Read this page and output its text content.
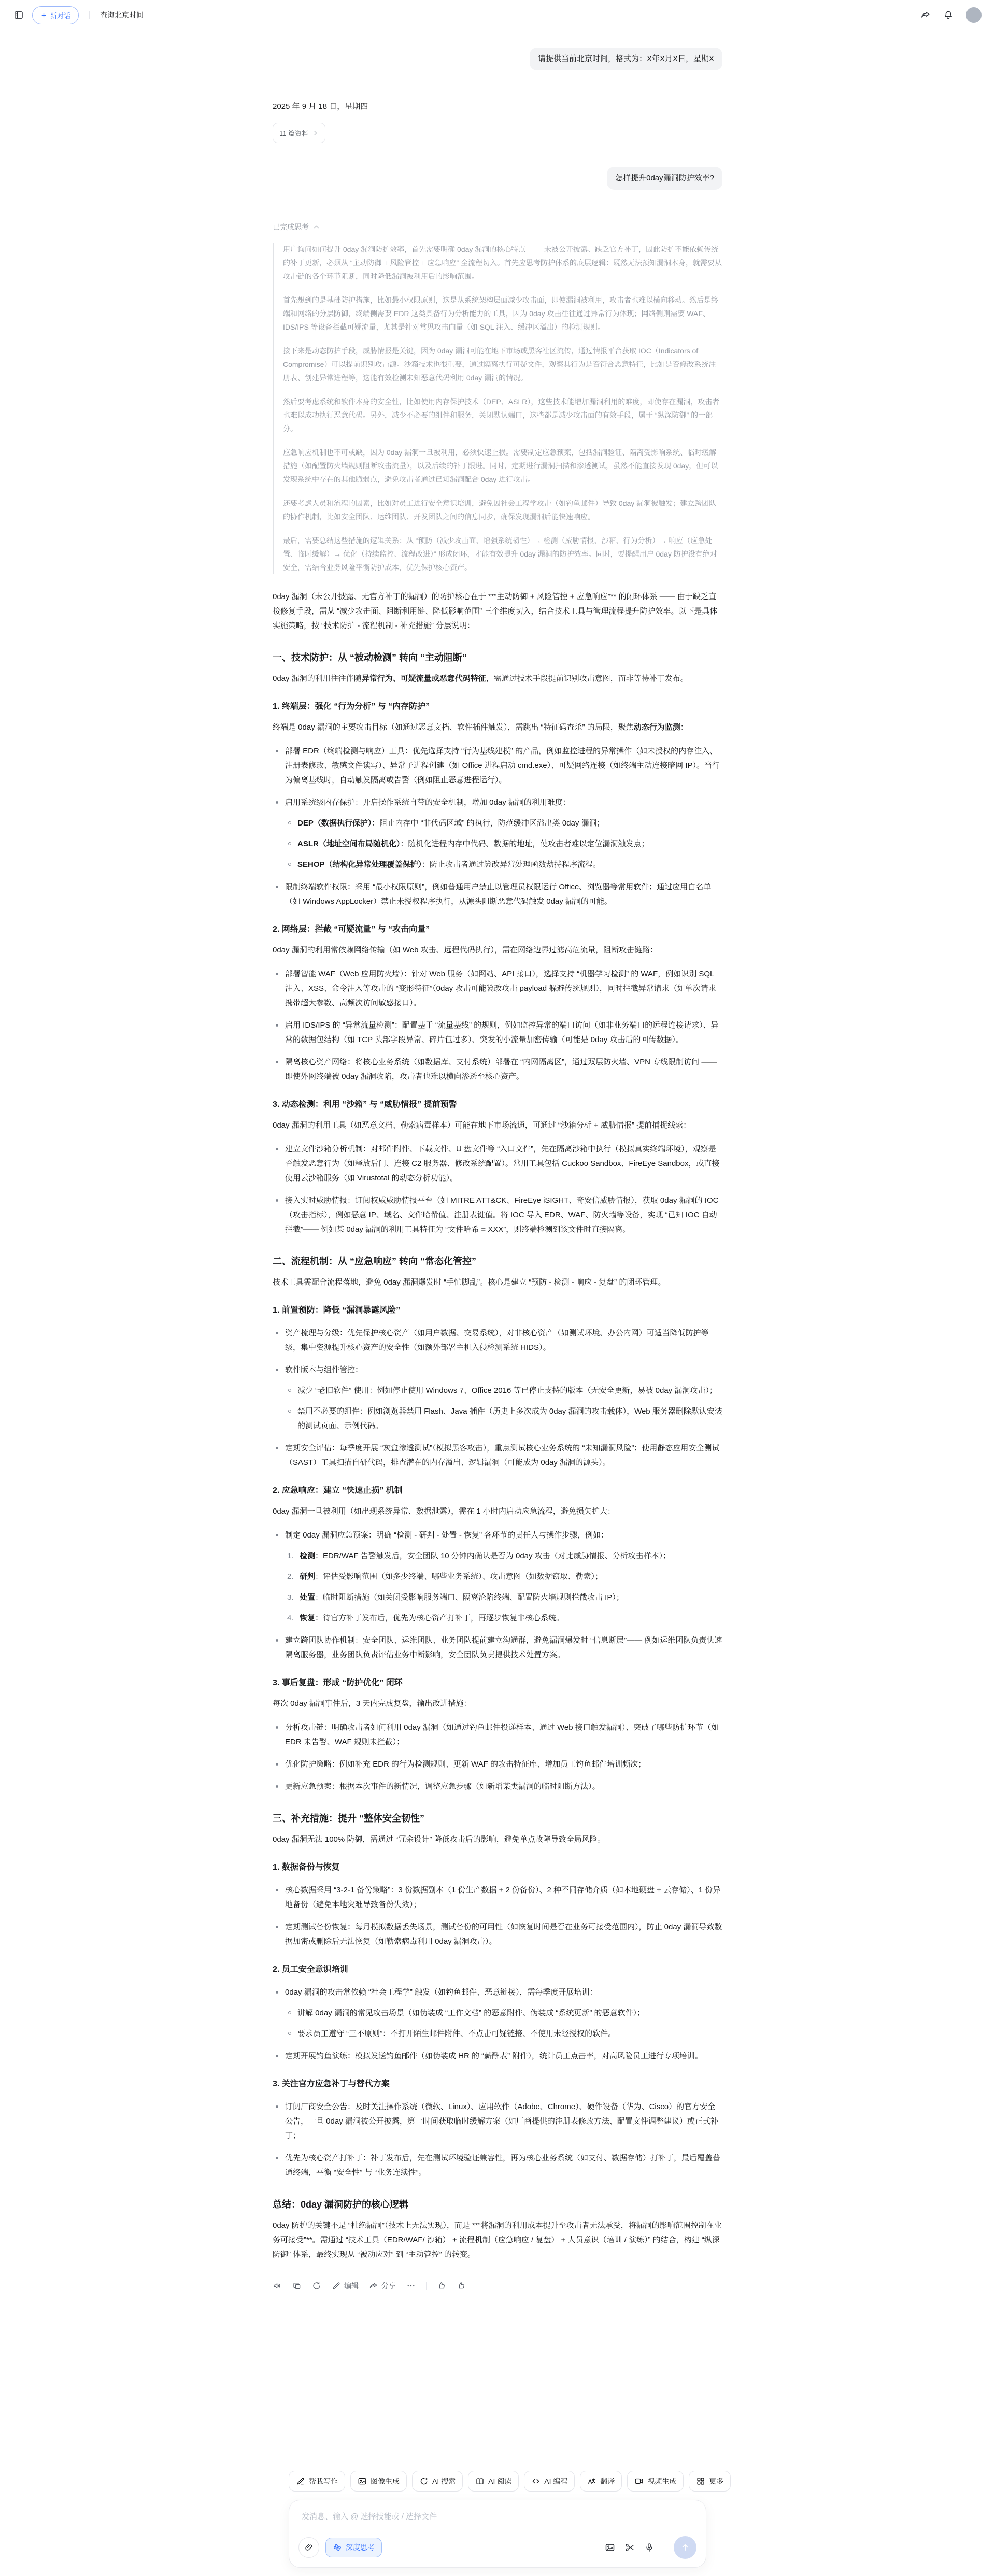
新对话	查询北京时间
请提供当前北京时间，格式为：X年X月X日，星期X
2025 年 9 月 18 日，星期四
11 篇资料
怎样提升0day漏洞防护效率?
已完成思考

用户询问如何提升 0day 漏洞防护效率，首先需要明确 0day 漏洞的核心特点 —— 未被公开披露、缺乏官方补丁，因此防护不能依赖传统的补丁更新，必须从 “主动防御 + 风险管控 + 应急响应” 全流程切入。首先应思考防护体系的底层逻辑：既然无法预知漏洞本身，就需要从攻击链的各个环节阻断，同时降低漏洞被利用后的影响范围。

首先想到的是基础防护措施，比如最小权限原则，这是从系统架构层面减少攻击面，即使漏洞被利用，攻击者也难以横向移动。然后是终端和网络的分层防御，终端侧需要 EDR 这类具备行为分析能力的工具，因为 0day 攻击往往通过异常行为体现；网络侧则需要 WAF、IDS/IPS 等设备拦截可疑流量，尤其是针对常见攻击向量（如 SQL 注入、缓冲区溢出）的检测规则。

接下来是动态防护手段，威胁情报是关键，因为 0day 漏洞可能在地下市场或黑客社区流传，通过情报平台获取 IOC（Indicators of Compromise）可以提前识别攻击源。沙箱技术也很重要，通过隔离执行可疑文件，观察其行为是否符合恶意特征，比如是否修改系统注册表、创建异常进程等，这能有效检测未知恶意代码利用 0day 漏洞的情况。

然后要考虑系统和软件本身的安全性，比如使用内存保护技术（DEP、ASLR），这些技术能增加漏洞利用的难度，即使存在漏洞，攻击者也难以成功执行恶意代码。另外，减少不必要的组件和服务，关闭默认端口，这些都是减少攻击面的有效手段，属于 “纵深防御” 的一部分。

应急响应机制也不可或缺，因为 0day 漏洞一旦被利用，必须快速止损。需要制定应急预案，包括漏洞验证、隔离受影响系统、临时缓解措施（如配置防火墙规则阻断攻击流量），以及后续的补丁跟进。同时，定期进行漏洞扫描和渗透测试，虽然不能直接发现 0day，但可以发现系统中存在的其他脆弱点，避免攻击者通过已知漏洞配合 0day 进行攻击。

还要考虑人员和流程的因素，比如对员工进行安全意识培训，避免因社会工程学攻击（如钓鱼邮件）导致 0day 漏洞被触发；建立跨团队的协作机制，比如安全团队、运维团队、开发团队之间的信息同步，确保发现漏洞后能快速响应。

最后，需要总结这些措施的逻辑关系：从 “预防（减少攻击面、增强系统韧性）→ 检测（威胁情报、沙箱、行为分析）→ 响应（应急处置、临时缓解）→ 优化（持续监控、流程改进）” 形成闭环，才能有效提升 0day 漏洞的防护效率。同时，要提醒用户 0day 防护没有绝对安全，需结合业务风险平衡防护成本，优先保护核心资产。

0day 漏洞（未公开披露、无官方补丁的漏洞）的防护核心在于 **“主动防御 + 风险管控 + 应急响应”** 的闭环体系 —— 由于缺乏直接修复手段，需从 “减少攻击面、阻断利用链、降低影响范围” 三个维度切入，结合技术工具与管理流程提升防护效率。以下是具体实施策略，按 “技术防护 - 流程机制 - 补充措施” 分层说明：

一、技术防护：从 “被动检测” 转向 “主动阻断”

0day 漏洞的利用往往伴随异常行为、可疑流量或恶意代码特征，需通过技术手段提前识别攻击意图，而非等待补丁发布。

1. 终端层：强化 “行为分析” 与 “内存防护”

终端是 0day 漏洞的主要攻击目标（如通过恶意文档、软件插件触发），需跳出 “特征码查杀” 的局限，聚焦动态行为监测：

部署 EDR（终端检测与响应）工具：优先选择支持 “行为基线建模” 的产品，例如监控进程的异常操作（如未授权的内存注入、注册表修改、敏感文件读写）、异常子进程创建（如 Office 进程启动 cmd.exe）、可疑网络连接（如终端主动连接暗网 IP）。当行为偏离基线时，自动触发隔离或告警（例如阻止恶意进程运行）。
启用系统级内存保护：开启操作系统自带的安全机制，增加 0day 漏洞的利用难度：
DEP（数据执行保护）：阻止内存中 “非代码区域” 的执行，防范缓冲区溢出类 0day 漏洞；
ASLR（地址空间布局随机化）：随机化进程内存中代码、数据的地址，使攻击者难以定位漏洞触发点；
SEHOP（结构化异常处理覆盖保护）：防止攻击者通过篡改异常处理函数劫持程序流程。
限制终端软件权限：采用 “最小权限原则”，例如普通用户禁止以管理员权限运行 Office、浏览器等常用软件；通过应用白名单（如 Windows AppLocker）禁止未授权程序执行，从源头阻断恶意代码触发 0day 漏洞的可能。
2. 网络层：拦截 “可疑流量” 与 “攻击向量”

0day 漏洞的利用常依赖网络传输（如 Web 攻击、远程代码执行），需在网络边界过滤高危流量，阻断攻击链路：

部署智能 WAF（Web 应用防火墙）：针对 Web 服务（如网站、API 接口），选择支持 “机器学习检测” 的 WAF，例如识别 SQL 注入、XSS、命令注入等攻击的 “变形特征”（0day 攻击可能篡改攻击 payload 躲避传统规则），同时拦截异常请求（如单次请求携带超大参数、高频次访问敏感接口）。
启用 IDS/IPS 的 “异常流量检测”：配置基于 “流量基线” 的规则，例如监控异常的端口访问（如非业务端口的远程连接请求）、异常的数据包结构（如 TCP 头部字段异常、碎片包过多）、突发的小流量加密传输（可能是 0day 攻击后的回传数据）。
隔离核心资产网络：将核心业务系统（如数据库、支付系统）部署在 “内网隔离区”，通过双层防火墙、VPN 专线限制访问 —— 即使外网终端被 0day 漏洞攻陷，攻击者也难以横向渗透至核心资产。
3. 动态检测：利用 “沙箱” 与 “威胁情报” 提前预警

0day 漏洞的利用工具（如恶意文档、勒索病毒样本）可能在地下市场流通，可通过 “沙箱分析 + 威胁情报” 提前捕捉线索：

建立文件沙箱分析机制：对邮件附件、下载文件、U 盘文件等 “入口文件”，先在隔离沙箱中执行（模拟真实终端环境），观察是否触发恶意行为（如释放后门、连接 C2 服务器、修改系统配置）。常用工具包括 Cuckoo Sandbox、FireEye Sandbox，或直接使用云沙箱服务（如 Virustotal 的动态分析功能）。
接入实时威胁情报：订阅权威威胁情报平台（如 MITRE ATT&CK、FireEye iSIGHT、奇安信威胁情报），获取 0day 漏洞的 IOC（攻击指标），例如恶意 IP、域名、文件哈希值、注册表键值。将 IOC 导入 EDR、WAF、防火墙等设备，实现 “已知 IOC 自动拦截”—— 例如某 0day 漏洞的利用工具特征为 “文件哈希 = XXX”，则终端检测到该文件时直接隔离。
二、流程机制：从 “应急响应” 转向 “常态化管控”

技术工具需配合流程落地，避免 0day 漏洞爆发时 “手忙脚乱”。核心是建立 “预防 - 检测 - 响应 - 复盘” 的闭环管理。

1. 前置预防：降低 “漏洞暴露风险”
资产梳理与分级：优先保护核心资产（如用户数据、交易系统），对非核心资产（如测试环境、办公内网）可适当降低防护等级，集中资源提升核心资产的安全性（如额外部署主机入侵检测系统 HIDS）。
软件版本与组件管控：
减少 “老旧软件” 使用：例如停止使用 Windows 7、Office 2016 等已停止支持的版本（无安全更新，易被 0day 漏洞攻击）；
禁用不必要的组件：例如浏览器禁用 Flash、Java 插件（历史上多次成为 0day 漏洞的攻击载体），Web 服务器删除默认安装的测试页面、示例代码。
定期安全评估：每季度开展 “灰盒渗透测试”（模拟黑客攻击），重点测试核心业务系统的 “未知漏洞风险”；使用静态应用安全测试（SAST）工具扫描自研代码，排查潜在的内存溢出、逻辑漏洞（可能成为 0day 漏洞的源头）。
2. 应急响应：建立 “快速止损” 机制

0day 漏洞一旦被利用（如出现系统异常、数据泄露），需在 1 小时内启动应急流程，避免损失扩大：

制定 0day 漏洞应急预案：明确 “检测 - 研判 - 处置 - 恢复” 各环节的责任人与操作步骤，例如：
检测：EDR/WAF 告警触发后，安全团队 10 分钟内确认是否为 0day 攻击（对比威胁情报、分析攻击样本）；
研判：评估受影响范围（如多少终端、哪些业务系统）、攻击意图（如数据窃取、勒索）；
处置：临时阻断措施（如关闭受影响服务端口、隔离沦陷终端、配置防火墙规则拦截攻击 IP）；
恢复：待官方补丁发布后，优先为核心资产打补丁，再逐步恢复非核心系统。
建立跨团队协作机制：安全团队、运维团队、业务团队提前建立沟通群，避免漏洞爆发时 “信息断层”—— 例如运维团队负责快速隔离服务器，业务团队负责评估业务中断影响，安全团队负责提供技术处置方案。
3. 事后复盘：形成 “防护优化” 闭环

每次 0day 漏洞事件后，3 天内完成复盘，输出改进措施：

分析攻击链：明确攻击者如何利用 0day 漏洞（如通过钓鱼邮件投递样本、通过 Web 接口触发漏洞）、突破了哪些防护环节（如 EDR 未告警、WAF 规则未拦截）；
优化防护策略：例如补充 EDR 的行为检测规则、更新 WAF 的攻击特征库、增加员工钓鱼邮件培训频次；
更新应急预案：根据本次事件的新情况，调整应急步骤（如新增某类漏洞的临时阻断方法）。
三、补充措施：提升 “整体安全韧性”

0day 漏洞无法 100% 防御，需通过 “冗余设计” 降低攻击后的影响，避免单点故障导致全局风险。

1. 数据备份与恢复
核心数据采用 “3-2-1 备份策略”：3 份数据副本（1 份生产数据 + 2 份备份）、2 种不同存储介质（如本地硬盘 + 云存储）、1 份异地备份（避免本地灾难导致备份失效）；
定期测试备份恢复：每月模拟数据丢失场景，测试备份的可用性（如恢复时间是否在业务可接受范围内），防止 0day 漏洞导致数据加密或删除后无法恢复（如勒索病毒利用 0day 漏洞攻击）。
2. 员工安全意识培训
0day 漏洞的攻击常依赖 “社会工程学” 触发（如钓鱼邮件、恶意链接），需每季度开展培训：
讲解 0day 漏洞的常见攻击场景（如伪装成 “工作文档” 的恶意附件、伪装成 “系统更新” 的恶意软件）；
要求员工遵守 “三不原则”：不打开陌生邮件附件、不点击可疑链接、不使用未经授权的软件。
定期开展钓鱼演练：模拟发送钓鱼邮件（如伪装成 HR 的 “薪酬表” 附件），统计员工点击率，对高风险员工进行专项培训。
3. 关注官方应急补丁与替代方案
订阅厂商安全公告：及时关注操作系统（微软、Linux）、应用软件（Adobe、Chrome）、硬件设备（华为、Cisco）的官方安全公告，一旦 0day 漏洞被公开披露，第一时间获取临时缓解方案（如厂商提供的注册表修改方法、配置文件调整建议）或正式补丁；
优先为核心资产打补丁：补丁发布后，先在测试环境验证兼容性，再为核心业务系统（如支付、数据存储）打补丁，最后覆盖普通终端，平衡 “安全性” 与 “业务连续性”。
总结：0day 漏洞防护的核心逻辑

0day 防护的关键不是 “杜绝漏洞”（技术上无法实现），而是 **“将漏洞的利用成本提升至攻击者无法承受，将漏洞的影响范围控制在业务可接受”**。需通过 “技术工具（EDR/WAF/ 沙箱） + 流程机制（应急响应 / 复盘） + 人员意识（培训 / 演练）” 的结合，构建 “纵深防御” 体系，最终实现从 “被动应对” 到 “主动管控” 的转变。

编辑	分享
帮我写作	图像生成	AI 搜索	AI 阅读	AI 编程	翻译	视频生成	更多
发消息、输入 @ 选择技能或 / 选择文件
深度思考
